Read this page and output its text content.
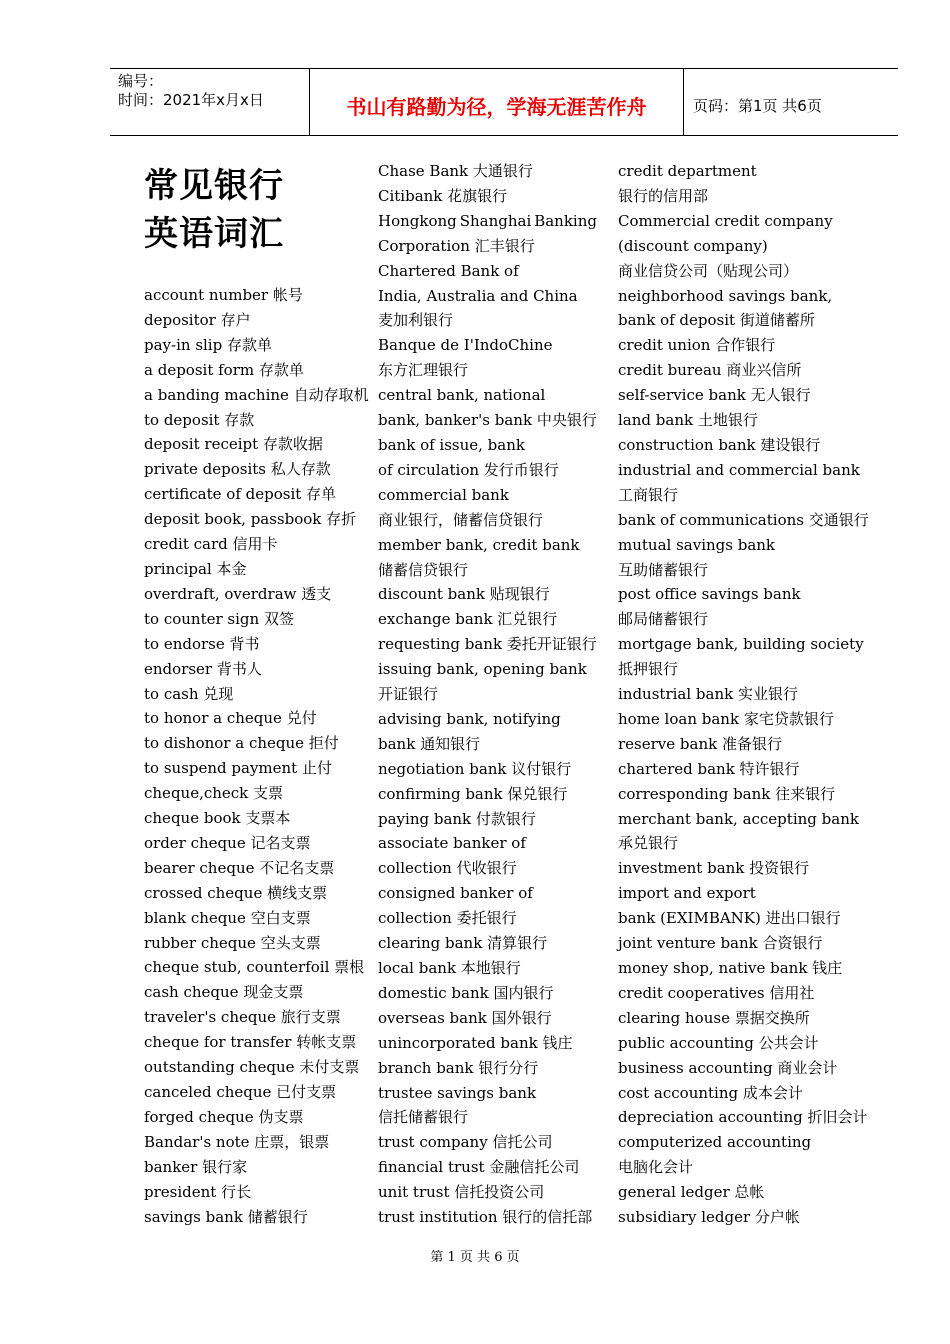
编号：
时间：2021年x月x日	书山有路勤为径，学海无涯苦作舟	页码：第1页 共6页
常见银行
英语词汇
account number 帐号
depositor 存户
pay-in slip 存款单
a deposit form 存款单
a banding machine 自动存取机
to deposit 存款
deposit receipt 存款收据
private deposits 私人存款
certificate of deposit 存单
deposit book, passbook 存折
credit card 信用卡
principal 本金
overdraft, overdraw 透支
to counter sign 双签
to endorse 背书
endorser 背书人
to cash 兑现
to honor a cheque 兑付
to dishonor a cheque 拒付
to suspend payment 止付
cheque,check 支票
cheque book 支票本
order cheque 记名支票
bearer cheque 不记名支票
crossed cheque 横线支票
blank cheque 空白支票
rubber cheque 空头支票
cheque stub, counterfoil 票根
cash cheque 现金支票
traveler's cheque 旅行支票
cheque for transfer 转帐支票
outstanding cheque 未付支票
canceled cheque 已付支票
forged cheque 伪支票
Bandar's note 庄票，银票
banker 银行家
president 行长
savings bank 储蓄银行
Chase Bank 大通银行
Citibank 花旗银行
Hongkong Shanghai Banking
Corporation 汇丰银行
Chartered Bank of
India, Australia and China
麦加利银行
Banque de I'IndoChine
东方汇理银行
central bank, national
bank, banker's bank 中央银行
bank of issue, bank
of circulation 发行币银行
commercial bank
商业银行，储蓄信贷银行
member bank, credit bank
储蓄信贷银行
discount bank 贴现银行
exchange bank 汇兑银行
requesting bank 委托开证银行
issuing bank, opening bank
开证银行
advising bank, notifying
bank 通知银行
negotiation bank 议付银行
confirming bank 保兑银行
paying bank 付款银行
associate banker of
collection 代收银行
consigned banker of
collection 委托银行
clearing bank 清算银行
local bank 本地银行
domestic bank 国内银行
overseas bank 国外银行
unincorporated bank 钱庄
branch bank 银行分行
trustee savings bank
信托储蓄银行
trust company 信托公司
financial trust 金融信托公司
unit trust 信托投资公司
trust institution 银行的信托部
credit department
银行的信用部
Commercial credit company
(discount company)
商业信贷公司（贴现公司）
neighborhood savings bank,
bank of deposit 街道储蓄所
credit union 合作银行
credit bureau 商业兴信所
self-service bank 无人银行
land bank 土地银行
construction bank 建设银行
industrial and commercial bank
工商银行
bank of communications 交通银行
mutual savings bank
互助储蓄银行
post office savings bank
邮局储蓄银行
mortgage bank, building society
抵押银行
industrial bank 实业银行
home loan bank 家宅贷款银行
reserve bank 准备银行
chartered bank 特许银行
corresponding bank 往来银行
merchant bank, accepting bank
承兑银行
investment bank 投资银行
import and export
bank (EXIMBANK) 进出口银行
joint venture bank 合资银行
money shop, native bank 钱庄
credit cooperatives 信用社
clearing house 票据交换所
public accounting 公共会计
business accounting 商业会计
cost accounting 成本会计
depreciation accounting 折旧会计
computerized accounting
电脑化会计
general ledger 总帐
subsidiary ledger 分户帐
第 1 页 共 6 页
